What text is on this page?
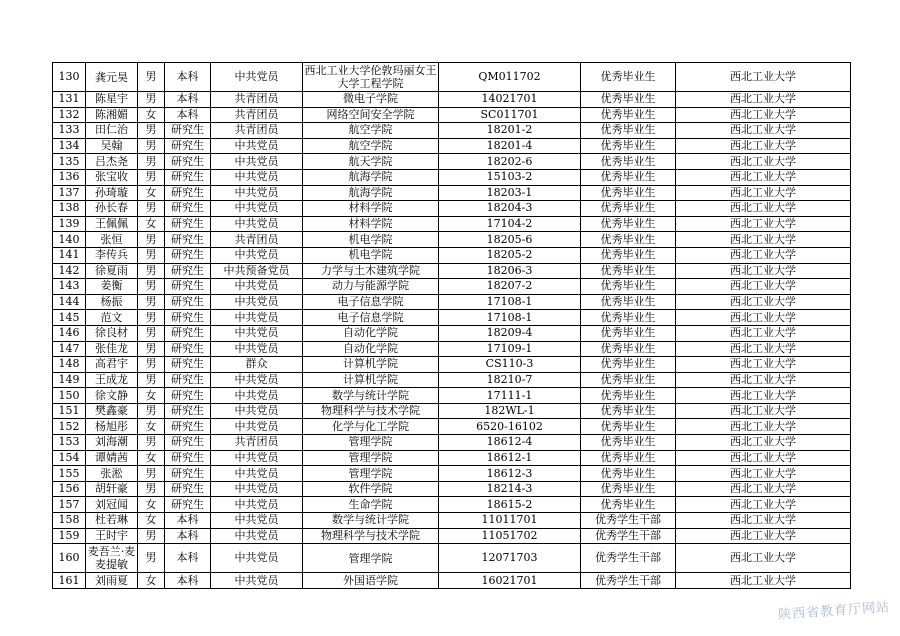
130	龚元昊	男	本科	中共党员	西北工业大学伦敦玛丽女王大学工程学院	QM011702	优秀毕业生	西北工业大学
131	陈星宇	男	本科	共青团员	微电子学院	14021701	优秀毕业生	西北工业大学
132	陈湘媚	女	本科	共青团员	网络空间安全学院	SC011701	优秀毕业生	西北工业大学
133	田仁治	男	研究生	共青团员	航空学院	18201-2	优秀毕业生	西北工业大学
134	吴翰	男	研究生	中共党员	航空学院	18201-4	优秀毕业生	西北工业大学
135	吕杰尧	男	研究生	中共党员	航天学院	18202-6	优秀毕业生	西北工业大学
136	张宝收	男	研究生	中共党员	航海学院	15103-2	优秀毕业生	西北工业大学
137	孙琦璇	女	研究生	中共党员	航海学院	18203-1	优秀毕业生	西北工业大学
138	孙长春	男	研究生	中共党员	材料学院	18204-3	优秀毕业生	西北工业大学
139	王佩佩	女	研究生	中共党员	材料学院	17104-2	优秀毕业生	西北工业大学
140	张恒	男	研究生	共青团员	机电学院	18205-6	优秀毕业生	西北工业大学
141	李传兵	男	研究生	中共党员	机电学院	18205-2	优秀毕业生	西北工业大学
142	徐夏雨	男	研究生	中共预备党员	力学与土木建筑学院	18206-3	优秀毕业生	西北工业大学
143	姜衡	男	研究生	中共党员	动力与能源学院	18207-2	优秀毕业生	西北工业大学
144	杨振	男	研究生	中共党员	电子信息学院	17108-1	优秀毕业生	西北工业大学
145	范文	男	研究生	中共党员	电子信息学院	17108-1	优秀毕业生	西北工业大学
146	徐良材	男	研究生	中共党员	自动化学院	18209-4	优秀毕业生	西北工业大学
147	张佳龙	男	研究生	中共党员	自动化学院	17109-1	优秀毕业生	西北工业大学
148	高君宇	男	研究生	群众	计算机学院	CS110-3	优秀毕业生	西北工业大学
149	王成龙	男	研究生	中共党员	计算机学院	18210-7	优秀毕业生	西北工业大学
150	徐文静	女	研究生	中共党员	数学与统计学院	17111-1	优秀毕业生	西北工业大学
151	樊鑫豪	男	研究生	中共党员	物理科学与技术学院	182WL-1	优秀毕业生	西北工业大学
152	杨旭彤	女	研究生	中共党员	化学与化工学院	6520-16102	优秀毕业生	西北工业大学
153	刘海潮	男	研究生	共青团员	管理学院	18612-4	优秀毕业生	西北工业大学
154	谭婧茜	女	研究生	中共党员	管理学院	18612-1	优秀毕业生	西北工业大学
155	张淞	男	研究生	中共党员	管理学院	18612-3	优秀毕业生	西北工业大学
156	胡轩豪	男	研究生	中共党员	软件学院	18214-3	优秀毕业生	西北工业大学
157	刘冠闻	女	研究生	中共党员	生命学院	18615-2	优秀毕业生	西北工业大学
158	杜若琳	女	本科	中共党员	数学与统计学院	11011701	优秀学生干部	西北工业大学
159	王时宇	男	本科	中共党员	物理科学与技术学院	11051702	优秀学生干部	西北工业大学
160	麦吾兰·麦麦提敏	男	本科	中共党员	管理学院	12071703	优秀学生干部	西北工业大学
161	刘雨夏	女	本科	中共党员	外国语学院	16021701	优秀学生干部	西北工业大学
陕西省教育厅网站
